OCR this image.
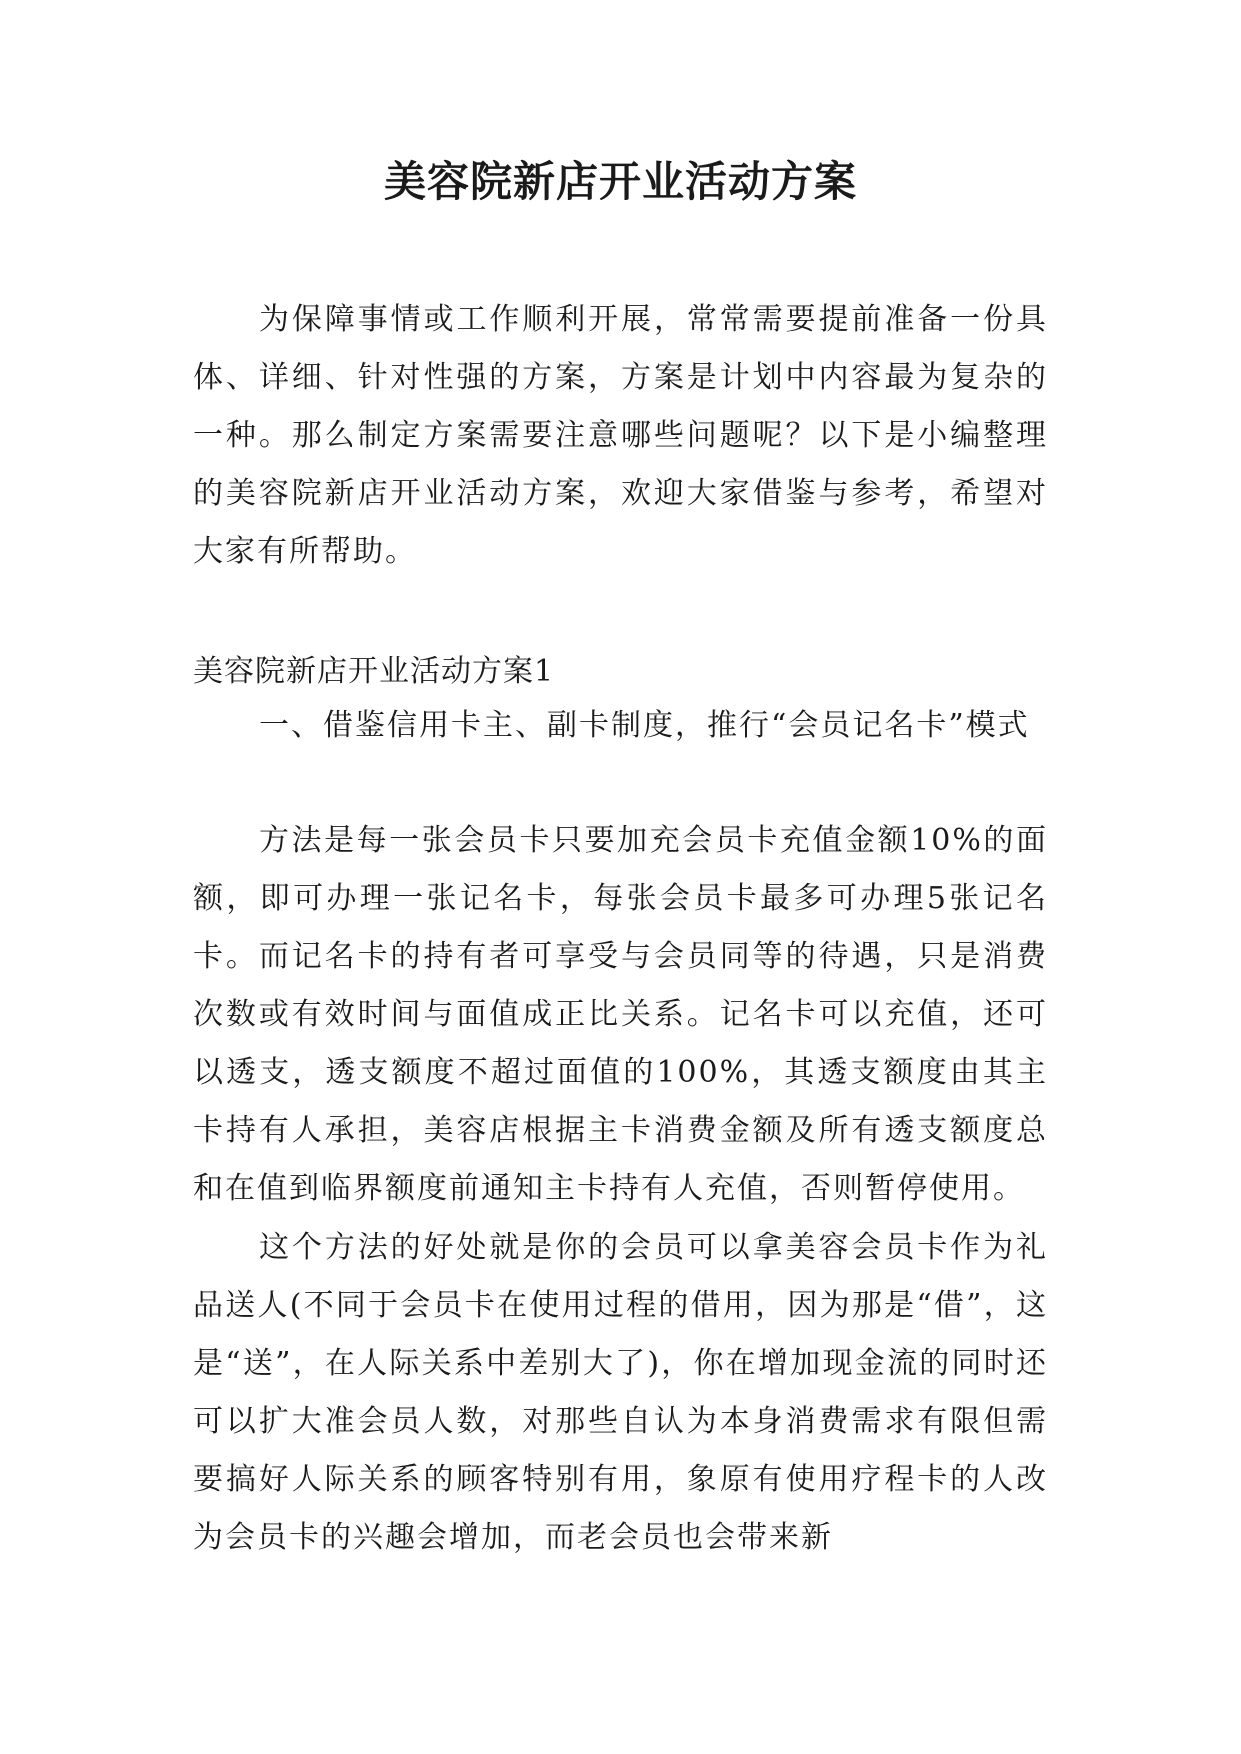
美容院新店开业活动方案

为保障事情或工作顺利开展，常常需要提前准备一份具体、详细、针对性强的方案，方案是计划中内容最为复杂的一种。那么制定方案需要注意哪些问题呢？以下是小编整理的美容院新店开业活动方案，欢迎大家借鉴与参考，希望对大家有所帮助。

美容院新店开业活动方案1

一、借鉴信用卡主、副卡制度，推行“会员记名卡”模式

方法是每一张会员卡只要加充会员卡充值金额10%的面额，即可办理一张记名卡，每张会员卡最多可办理5张记名卡。而记名卡的持有者可享受与会员同等的待遇，只是消费次数或有效时间与面值成正比关系。记名卡可以充值，还可以透支，透支额度不超过面值的100%，其透支额度由其主卡持有人承担，美容店根据主卡消费金额及所有透支额度总和在值到临界额度前通知主卡持有人充值，否则暂停使用。

这个方法的好处就是你的会员可以拿美容会员卡作为礼品送人(不同于会员卡在使用过程的借用，因为那是“借”，这是“送”，在人际关系中差别大了)，你在增加现金流的同时还可以扩大准会员人数，对那些自认为本身消费需求有限但需要搞好人际关系的顾客特别有用，象原有使用疗程卡的人改为会员卡的兴趣会增加，而老会员也会带来新
